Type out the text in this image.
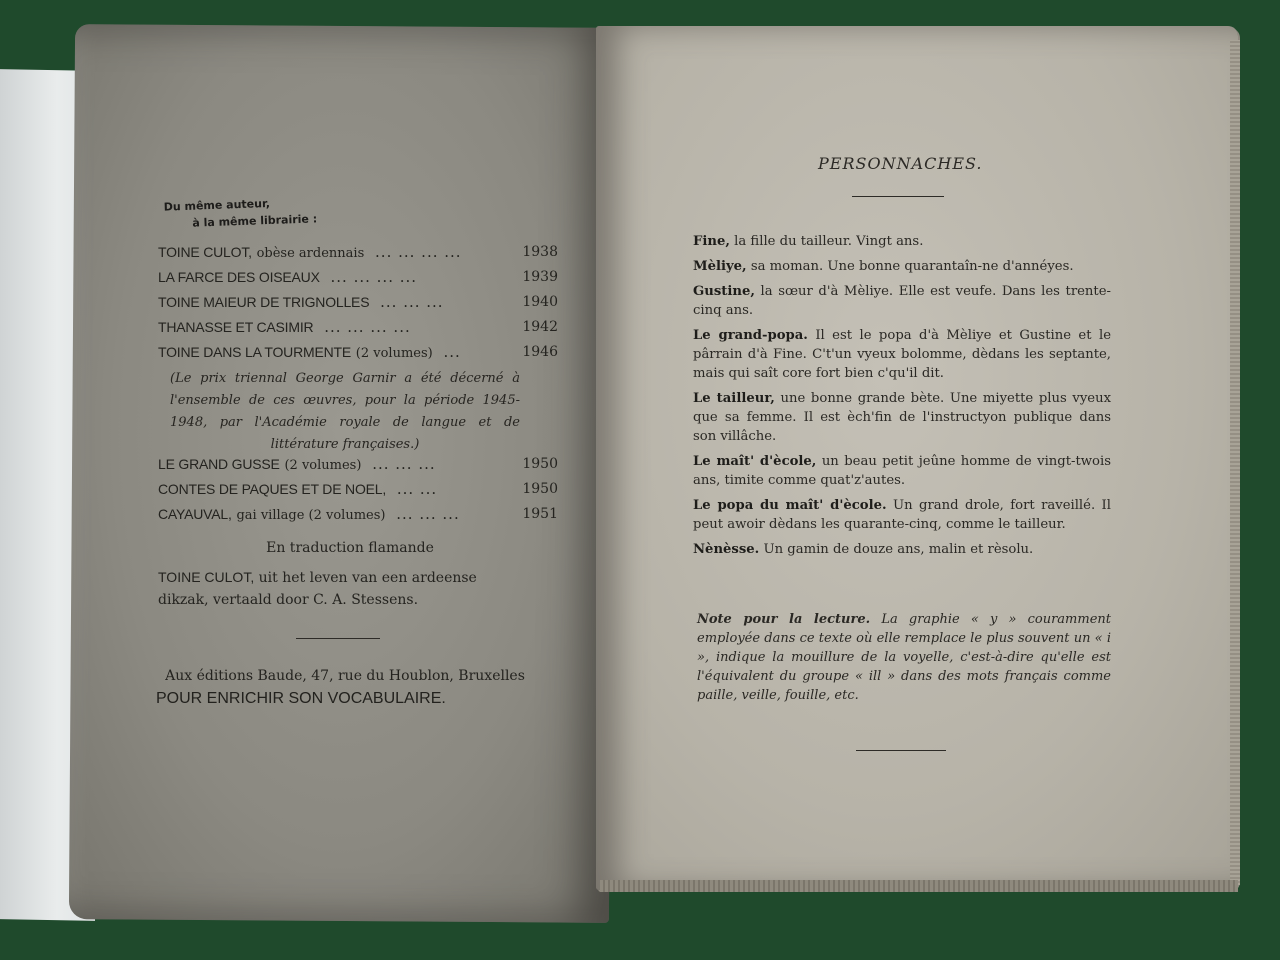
Du même auteur,
à la même librairie :
TOINE CULOT, obèse ardennais ... ... ... ...	1938
LA FARCE DES OISEAUX ... ... ... ...	1939
TOINE MAIEUR DE TRIGNOLLES ... ... ...	1940
THANASSE ET CASIMIR ... ... ... ...	1942
TOINE DANS LA TOURMENTE (2 volumes) ...	1946
(Le prix triennal George Garnir a été décerné à l'ensemble de ces œuvres, pour la période 1945-1948, par l'Académie royale de langue et de littérature françaises.)
LE GRAND GUSSE (2 volumes) ... ... ...	1950
CONTES DE PAQUES ET DE NOEL, ... ...	1950
CAYAUVAL, gai village (2 volumes) ... ... ...	1951
En traduction flamande
TOINE CULOT, uit het leven van een ardeense dikzak, vertaald door C. A. Stessens.
Aux éditions Baude, 47, rue du Houblon, Bruxelles
POUR ENRICHIR SON VOCABULAIRE.
PERSONNACHES.
Fine, la fille du tailleur. Vingt ans.
Mèliye, sa moman. Une bonne quarantaîn-ne d'annéyes.
Gustine, la sœur d'à Mèliye. Elle est veufe. Dans les trente-cinq ans.
Le grand-popa. Il est le popa d'à Mèliye et Gustine et le pârrain d'à Fine. C't'un vyeux bolomme, dèdans les septante, mais qui saît core fort bien c'qu'il dit.
Le tailleur, une bonne grande bète. Une miyette plus vyeux que sa femme. Il est èch'fin de l'instructyon publique dans son villâche.
Le maît' d'ècole, un beau petit jeûne homme de vingt-twois ans, timite comme quat'z'autes.
Le popa du maît' d'ècole. Un grand drole, fort raveillé. Il peut awoir dèdans les quarante-cinq, comme le tailleur.
Nènèsse. Un gamin de douze ans, malin et rèsolu.
Note pour la lecture. La graphie « y » couramment employée dans ce texte où elle remplace le plus souvent un « i », indique la mouillure de la voyelle, c'est-à-dire qu'elle est l'équivalent du groupe « ill » dans des mots français comme paille, veille, fouille, etc.
